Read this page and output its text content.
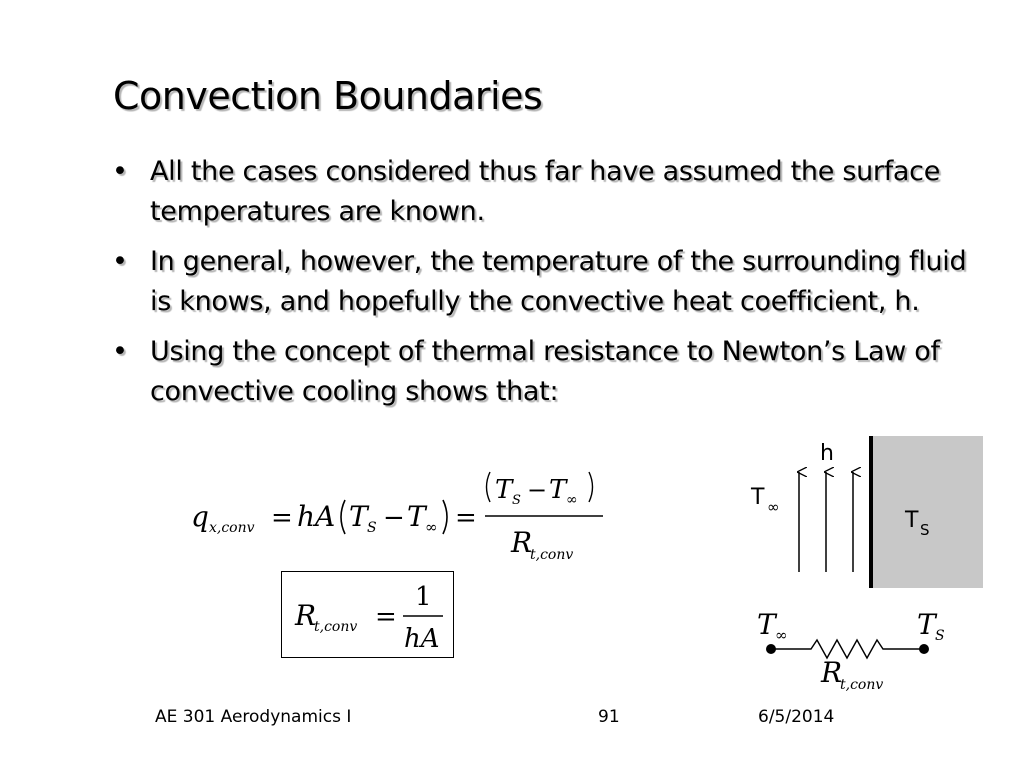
Convection Boundaries
• All the cases considered thus far have assumed the surface temperatures are known.
• In general, however, the temperature of the surrounding fluid is knows, and hopefully the convective heat coefficient, h.
• Using the concept of thermal resistance to Newton’s Law of convective cooling shows that:
q x,conv = hA T S − T ∞ =
T S − T ∞
R
t,conv
R
t,conv =
1
hA
h
T ∞
T S
T ∞	T S
R
t,conv
AE 301 Aerodynamics I	91	6/5/2014
